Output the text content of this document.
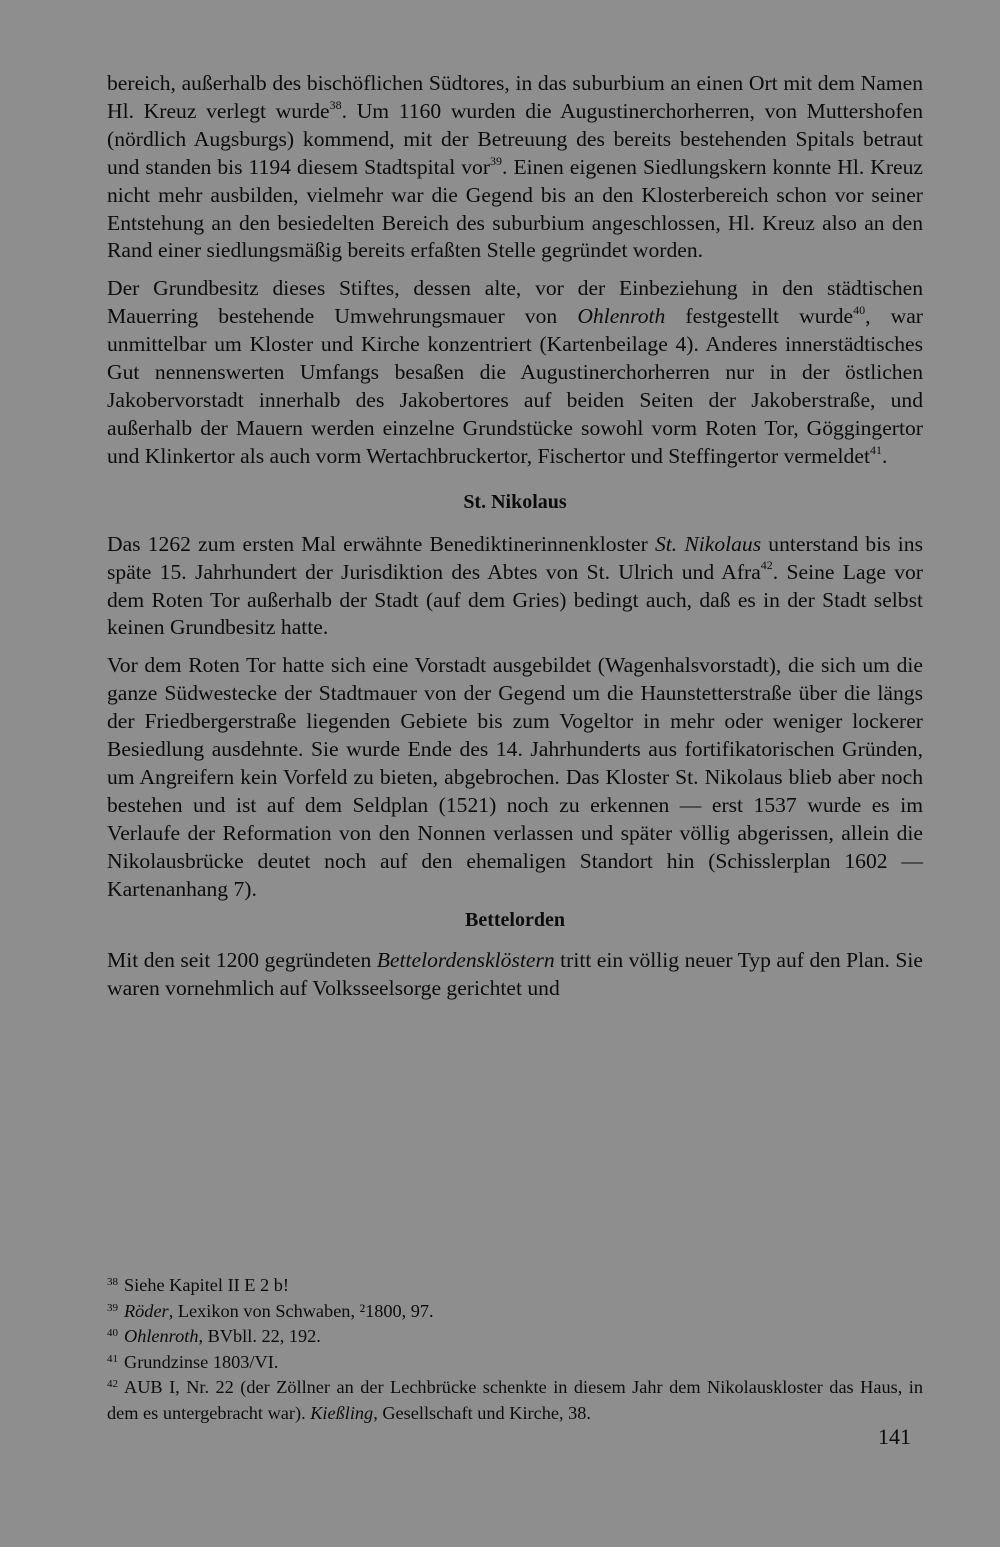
bereich, außerhalb des bischöflichen Südtores, in das suburbium an einen Ort mit dem Namen Hl. Kreuz verlegt wurde$^{38}$. Um 1160 wurden die Augustinerchorherren, von Muttershofen (nördlich Augsburgs) kommend, mit der Betreuung des bereits bestehenden Spitals betraut und standen bis 1194 diesem Stadtspital vor$^{39}$. Einen eigenen Siedlungskern konnte Hl. Kreuz nicht mehr ausbilden, vielmehr war die Gegend bis an den Klosterbereich schon vor seiner Entstehung an den besiedelten Bereich des suburbium angeschlossen, Hl. Kreuz also an den Rand einer siedlungsmäßig bereits erfaßten Stelle gegründet worden.

Der Grundbesitz dieses Stiftes, dessen alte, vor der Einbeziehung in den städtischen Mauerring bestehende Umwehrungsmauer von Ohlenroth festgestellt wurde$^{40}$, war unmittelbar um Kloster und Kirche konzentriert (Kartenbeilage 4). Anderes innerstädtisches Gut nennenswerten Umfangs besaßen die Augustinerchorherren nur in der östlichen Jakobervorstadt innerhalb des Jakobertores auf beiden Seiten der Jakoberstraße, und außerhalb der Mauern werden einzelne Grundstücke sowohl vorm Roten Tor, Göggingertor und Klinkertor als auch vorm Wertachbruckertor, Fischertor und Steffingertor vermeldet$^{41}$.

St. Nikolaus

Das 1262 zum ersten Mal erwähnte Benediktinerinnenkloster St. Nikolaus unterstand bis ins späte 15. Jahrhundert der Jurisdiktion des Abtes von St. Ulrich und Afra$^{42}$. Seine Lage vor dem Roten Tor außerhalb der Stadt (auf dem Gries) bedingt auch, daß es in der Stadt selbst keinen Grundbesitz hatte.

Vor dem Roten Tor hatte sich eine Vorstadt ausgebildet (Wagenhalsvorstadt), die sich um die ganze Südwestecke der Stadtmauer von der Gegend um die Haunstetterstraße über die längs der Friedbergerstraße liegenden Gebiete bis zum Vogeltor in mehr oder weniger lockerer Besiedlung ausdehnte. Sie wurde Ende des 14. Jahrhunderts aus fortifikatorischen Gründen, um Angreifern kein Vorfeld zu bieten, abgebrochen. Das Kloster St. Nikolaus blieb aber noch bestehen und ist auf dem Seldplan (1521) noch zu erkennen — erst 1537 wurde es im Verlaufe der Reformation von den Nonnen verlassen und später völlig abgerissen, allein die Nikolausbrücke deutet noch auf den ehemaligen Standort hin (Schisslerplan 1602 — Kartenanhang 7).

Bettelorden

Mit den seit 1200 gegründeten Bettelordensklöstern tritt ein völlig neuer Typ auf den Plan. Sie waren vornehmlich auf Volksseelsorge gerichtet und

$^{38}$ Siehe Kapitel II E 2 b!
$^{39}$ Röder, Lexikon von Schwaben, ²1800, 97.
$^{40}$ Ohlenroth, BVbll. 22, 192.
$^{41}$ Grundzinse 1803/VI.
$^{42}$ AUB I, Nr. 22 (der Zöllner an der Lechbrücke schenkte in diesem Jahr dem Nikolauskloster das Haus, in dem es untergebracht war). Kießling, Gesellschaft und Kirche, 38.
141
